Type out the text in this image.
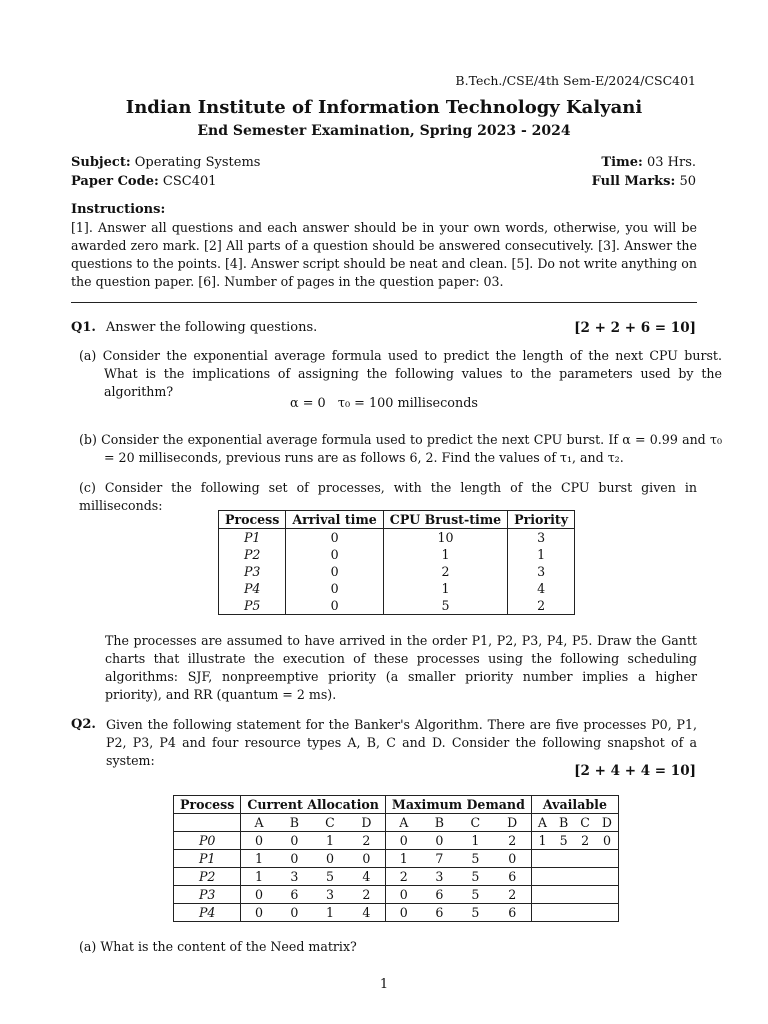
B.Tech./CSE/4th Sem-E/2024/CSC401
Indian Institute of Information Technology Kalyani
End Semester Examination, Spring 2023 - 2024
Subject: Operating Systems
Paper Code: CSC401
Time: 03 Hrs.
Full Marks: 50
Instructions:
[1]. Answer all questions and each answer should be in your own words, otherwise, you will be awarded zero mark. [2] All parts of a question should be answered consecutively. [3]. Answer the questions to the points. [4]. Answer script should be neat and clean. [5]. Do not write anything on the question paper. [6]. Number of pages in the question paper: 03.
Q1. Answer the following questions.	[2 + 2 + 6 = 10]
(a) Consider the exponential average formula used to predict the length of the next CPU burst. What is the implications of assigning the following values to the parameters used by the algorithm?
α = 0 τ₀ = 100 milliseconds
(b) Consider the exponential average formula used to predict the next CPU burst. If α = 0.99 and τ₀ = 20 milliseconds, previous runs are as follows 6, 2. Find the values of τ₁, and τ₂.
(c) Consider the following set of processes, with the length of the CPU burst given in milliseconds:
Process	Arrival time	CPU Brust-time	Priority
P1	0	10	3
P2	0	1	1
P3	0	2	3
P4	0	1	4
P5	0	5	2
The processes are assumed to have arrived in the order P1, P2, P3, P4, P5. Draw the Gantt charts that illustrate the execution of these processes using the following scheduling algorithms: SJF, nonpreemptive priority (a smaller priority number implies a higher priority), and RR (quantum = 2 ms).
Q2. Given the following statement for the Banker's Algorithm. There are five processes P0, P1, P2, P3, P4 and four resource types A, B, C and D. Consider the following snapshot of a system:
[2 + 4 + 4 = 10]
Process	Current Allocation				Maximum Demand				Available			
	A	B	C	D	A	B	C	D	A	B	C	D
P0	0	0	1	2	0	0	1	2	1	5	2	0
P1	1	0	0	0	1	7	5	0				
P2	1	3	5	4	2	3	5	6				
P3	0	6	3	2	0	6	5	2				
P4	0	0	1	4	0	6	5	6				
(a) What is the content of the Need matrix?
1
